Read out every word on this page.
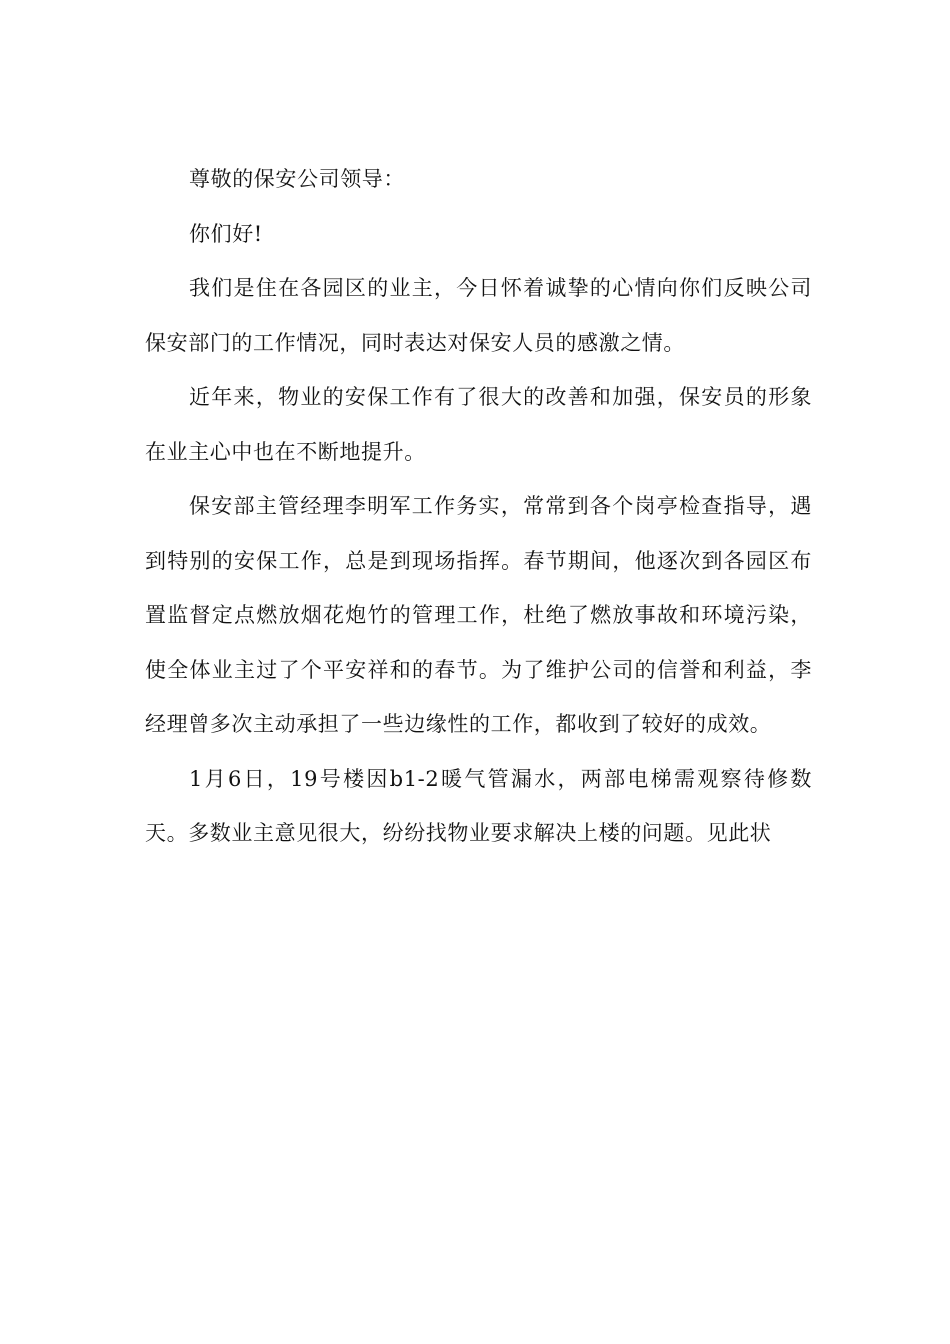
尊敬的保安公司领导：

你们好!

我们是住在各园区的业主，今日怀着诚挚的心情向你们反映公司保安部门的工作情况，同时表达对保安人员的感激之情。

近年来，物业的安保工作有了很大的改善和加强，保安员的形象在业主心中也在不断地提升。

保安部主管经理李明军工作务实，常常到各个岗亭检查指导，遇到特别的安保工作，总是到现场指挥。春节期间，他逐次到各园区布置监督定点燃放烟花炮竹的管理工作，杜绝了燃放事故和环境污染，使全体业主过了个平安祥和的春节。为了维护公司的信誉和利益，李经理曾多次主动承担了一些边缘性的工作，都收到了较好的成效。

1月6日，19号楼因b1-2暖气管漏水，两部电梯需观察待修数天。多数业主意见很大，纷纷找物业要求解决上楼的问题。见此状
